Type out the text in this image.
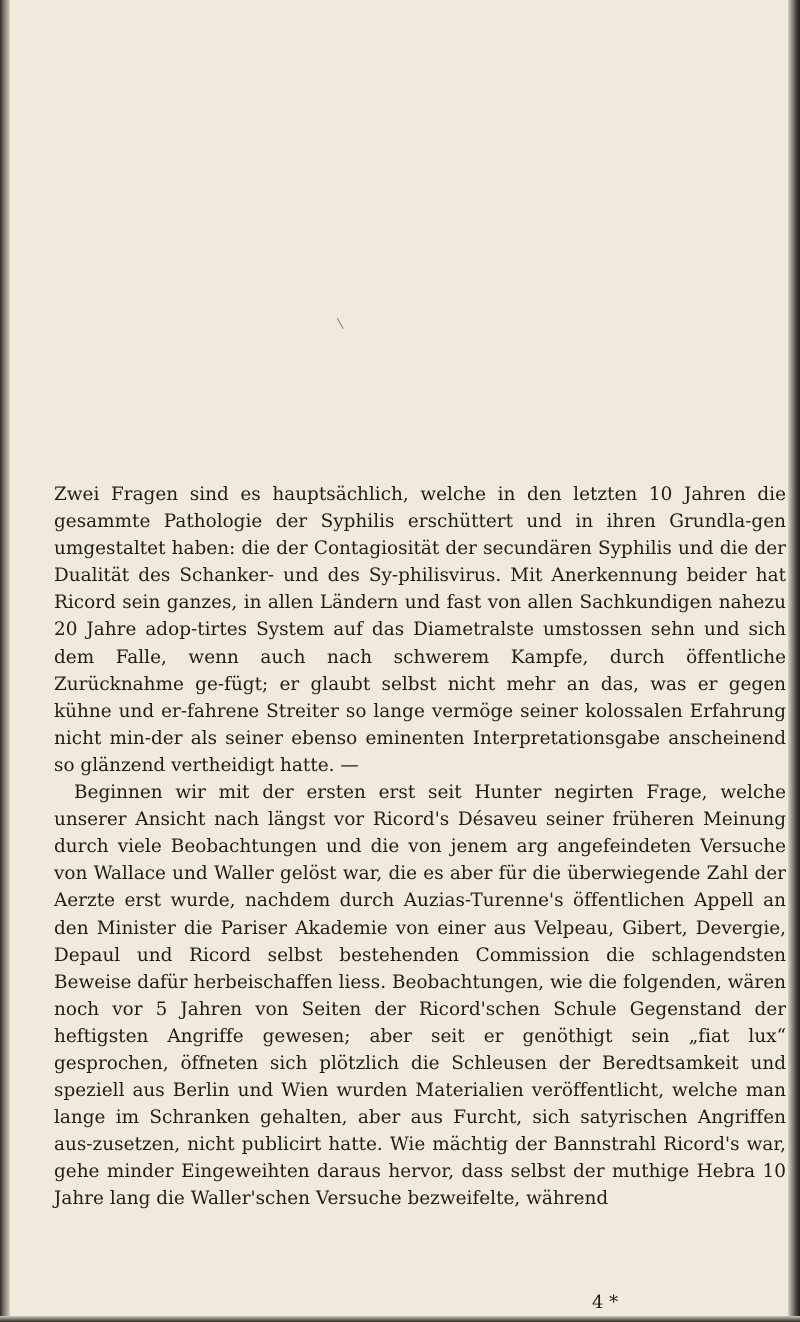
\

Zwei Fragen sind es hauptsächlich, welche in den letzten 10 Jahren die gesammte Pathologie der Syphilis erschüttert und in ihren Grundla-gen umgestaltet haben: die der Contagiosität der secundären Syphilis und die der Dualität des Schanker- und des Sy-philisvirus. Mit Anerkennung beider hat Ricord sein ganzes, in allen Ländern und fast von allen Sachkundigen nahezu 20 Jahre adop-tirtes System auf das Diametralste umstossen sehn und sich dem Falle, wenn auch nach schwerem Kampfe, durch öffentliche Zurücknahme ge-fügt; er glaubt selbst nicht mehr an das, was er gegen kühne und er-fahrene Streiter so lange vermöge seiner kolossalen Erfahrung nicht min-der als seiner ebenso eminenten Interpretationsgabe anscheinend so glänzend vertheidigt hatte. —

Beginnen wir mit der ersten erst seit Hunter negirten Frage, welche unserer Ansicht nach längst vor Ricord's Désaveu seiner früheren Meinung durch viele Beobachtungen und die von jenem arg angefeindeten Versuche von Wallace und Waller gelöst war, die es aber für die überwiegende Zahl der Aerzte erst wurde, nachdem durch Auzias-Turenne's öffentlichen Appell an den Minister die Pariser Akademie von einer aus Velpeau, Gibert, Devergie, Depaul und Ricord selbst bestehenden Commission die schlagendsten Beweise dafür herbeischaffen liess. Beobachtungen, wie die folgenden, wären noch vor 5 Jahren von Seiten der Ricord'schen Schule Gegenstand der heftigsten Angriffe gewesen; aber seit er genöthigt sein „fiat lux“ gesprochen, öffneten sich plötzlich die Schleusen der Beredtsamkeit und speziell aus Berlin und Wien wurden Materialien veröffentlicht, welche man lange im Schranken gehalten, aber aus Furcht, sich satyrischen Angriffen aus-zusetzen, nicht publicirt hatte. Wie mächtig der Bannstrahl Ricord's war, gehe minder Eingeweihten daraus hervor, dass selbst der muthige Hebra 10 Jahre lang die Waller'schen Versuche bezweifelte, während

4 *
